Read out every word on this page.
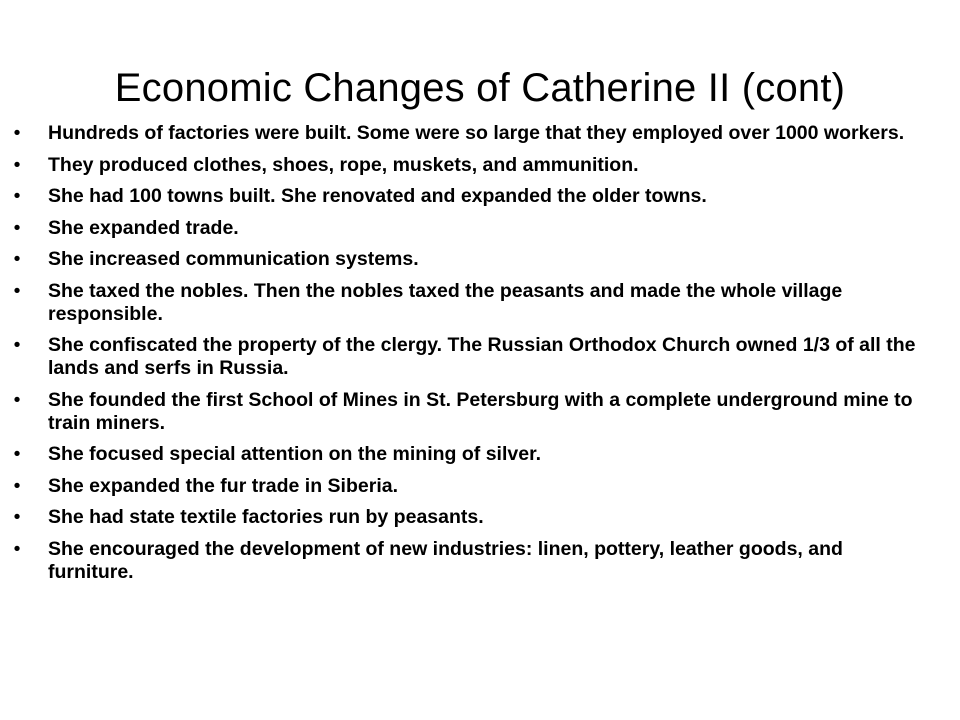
Economic Changes of Catherine II (cont)
• Hundreds of factories were built. Some were so large that they employed over 1000 workers.
• They produced clothes, shoes, rope, muskets, and ammunition.
• She had 100 towns built. She renovated and expanded the older towns.
• She expanded trade.
• She increased communication systems.
• She taxed the nobles. Then the nobles taxed the peasants and made the whole village responsible.
• She confiscated the property of the clergy. The Russian Orthodox Church owned 1/3 of all the lands and serfs in Russia.
• She founded the first School of Mines in St. Petersburg with a complete underground mine to train miners.
• She focused special attention on the mining of silver.
• She expanded the fur trade in Siberia.
• She had state textile factories run by peasants.
• She encouraged the development of new industries: linen, pottery, leather goods, and furniture.
